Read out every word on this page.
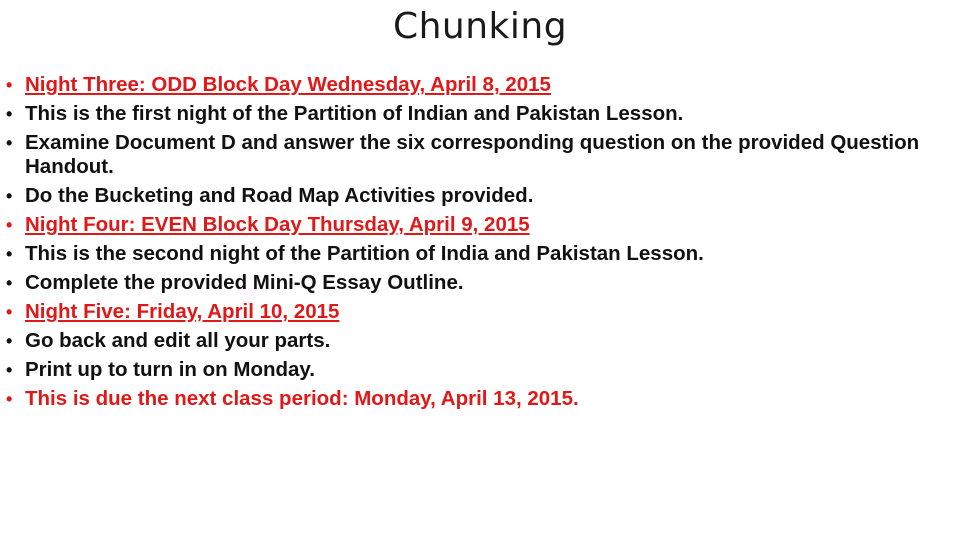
Chunking
• Night Three: ODD Block Day Wednesday, April 8, 2015
• This is the first night of the Partition of Indian and Pakistan Lesson.
• Examine Document D and answer the six corresponding question on the provided Question Handout.
• Do the Bucketing and Road Map Activities provided.
• Night Four: EVEN Block Day Thursday, April 9, 2015
• This is the second night of the Partition of India and Pakistan Lesson.
• Complete the provided Mini-Q Essay Outline.
• Night Five: Friday, April 10, 2015
• Go back and edit all your parts.
• Print up to turn in on Monday.
• This is due the next class period: Monday, April 13, 2015.
